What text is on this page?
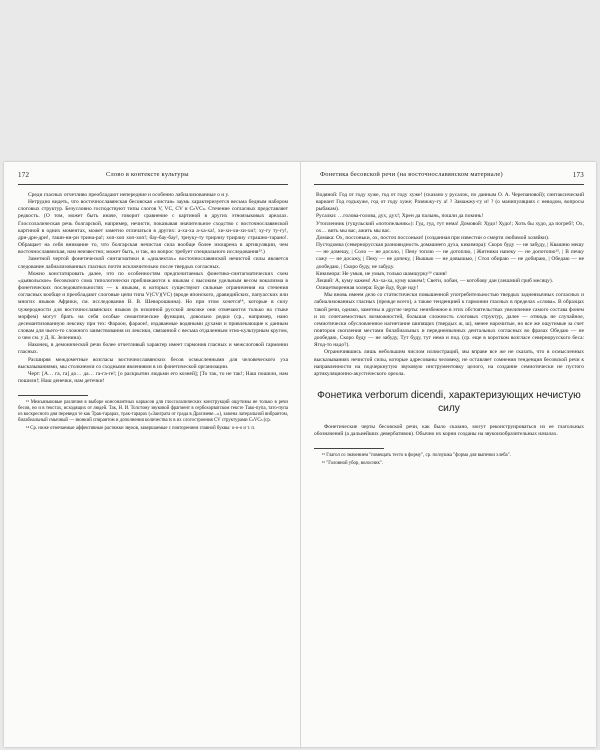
172	Слово в контексте культуры

Среди гласных отчетливо преобладают непередние и особенно лабиализованные о и у.

Нетрудно видеть, что восточнославянская бесовская «чистая» заумь характеризуется весьма бедным набором слоговых структур. Безусловно господствуют типы слогов V, VC, CV и CₙVCₙ. Стечение согласных представляет редкость. (О том, может быть иначе, говорит сравнение с картиной в других этноязыковых ареалах. Глоссолалическая речь болгарской, например, нечисти, показывая значительное сходство с восточнославянской картиной в одних моментах, может заметно отличаться в других: а-ха-ха а-ха-ха!, хи-хи-хи-хи-хи!; ху-гу ту-гу!, дрн-дрн-дрн!, ташн-ни-ри трина-ра!; хоп-хоп хоп-хоп!; бау-бау-бау!, трнуку-ту трирлиу трирлиу страшно-тарано!. Обращает на себя внимание то, что болгарская нечистая сила вообще более изощрена в артикуляции, чем восточнославянская, нам неизвестно; может быть, и так, но вопрос требует специального исследования¹³.)

Заметной чертой фонетической синтагматики в «диалектах» восточнославянской нечистой силы является следование лабиализованных гласных почти исключительно после твердых согласных.

Можно констатировать далее, что по особенностям предпочитаемых фонетико-синтагматических схем «дьявольское» бесовского сома типологически приближаются к языкам с высоким удельным весом вокализма в фонетических последовательностях — к языкам, в которых существуют сильные ограничения на стечения согласных вообще и преобладают слоговые цепи типа V(CV)(VC) (вроде японского, дравидийских, папуасских или многих языков Африки, см. исследования В. В. Шеворошкина). Но при этом хочется¹⁴, которые в силу чужеродности для восточнославянских языков (в исконной русской лексике они отмечаются только на стыке морфем) могут брать на себя особые семантические функции, довольно редки (ср., например, нано десемантизованную лексику при тех: Фараон, фараон!, издаваемые водяными духами и привлекающие к данным словам для чьего-то сложного заимствования из лексики, связанной с весьма отдаленным этно-культурным кругом, о чем см. у Д. К. Зеленина).

Наконец, в демонической речи более отчетливый характер имеет гармония гласных и межслоговой гармонии гласных.

Расширяя междометные возгласы восточнославянских бесов осмысленными для человеческого уха высказываниями, мы столкнемся со сходными явлениями в их фонетической организации.

Черт: [А… га, га] до… да… га-га-ге!; [о раскрытии людьми его козней]; [То так, то не так!; Наш пошили, нам пошили!; Наш денечки, нам детечки!

¹³ Межъязыковые различия в выборе консонантных каркасов для глоссолалических конструкций ощутимы не только в речи бесов, но и в текстах, исходящих от людей. Так, Н. И. Толстому звуковой фрагмент в сербохорватском тексте Тако-пупа, тато-пупа из воскресного дня переведи те как Трак-тарарах, трак-тарарах («Заиграта от града в Драгачеве...»), замена латеральной вибрантом, билабиальный смычный — звонкий спирантом и дополнения количества ts в их слогостроения CV структурами CₙVCₙ (ср.

¹⁴ Ср. ниже отмечаемые аффективные растяжки звуков, завершаемые с повторением главной буквы: о-о-о и т. п.

Фонетика бесовской речи (на восточнославянском материале)	173

Водяной: Год от году хуже, год от году хуже! (сказано у русалок, по данным О. А. Черепановой); синтаксический вариант Год годъкуже, год от году хуже; Разяжжу-гу а! ? Замажжу-гу и! ? (о манипуляциях с неводом, вопросы рыбакам).

Русалки: …голова-голова, дух, дух!; Хрен да палынь, пошли да покинь!

Утопленник (гуцульский «потопельник»): Гуд, гуд, тут нема! Домовой: Худо! Худо!; Хоть бы худо, да погреб!; Ох, ох… вить мы вас, ажить мы вас.

Домака: Ох, поссоньки, ох, посточ поссоньки! (созданная при известии о смерти любимой хозяйки).

Пустодомка (севернорусская разновидность домашнего духа, кикимора): Скоро буду — не забуду, | Квашню мешу — не домешу, | Соло — не досоло, | Пену топлю — не дотоплю, | Житники напеку — не допотопю¹⁵, | В печку сажу — не досажу, | Пеку — не допеку, | Вышью — не довышью, | Стол обираю — не добираю, | Обедаю — не дообедаю, | Скоро буду, не забуду.

Кикимора: Не умыв, не умыв, только шамшурку¹⁶ сшив!

Леший: А, куму кажем! Ах-ха-ха, куму кажем!; Свети, лобан, — котобову дан (лешачий гриб месяцу).

Олицетворенная холера: Буде йду, буде иду!

Мы вновь имеем дело со статистически повышенной употребительностью твердых заднеязычных согласных и лабиализованных гласных (прежде всего), а также тенденцией к гармонии гласных в пределах «слова». В образцах такой речи, однако, заметны и другие черты: неизбежное в этих обстоятельствах увеличение самого состава фонем и их сочетаемостных возможностей, большая сложность слоговых структур, далее — отнюдь не случайное, семиотически обусловленное нагнетание шипящих (твердых ж, ш), менее нарочитые, но все же ощутимые за счет повторов скопления местами билабиальных и переднеязычных дентальных согласных во фразах Обедаю — не дообедаю, Скоро буду — не забуду, Тут буду, тут нема и под. (ср. еще в коротком возгласе севернорусского беса: Ягод-то надо?).

Ограничившись лишь небольшим числом иллюстраций, мы вправе все же не сказать, что в осмысленных высказываниях нечистой силы, которые адресованы человеку, не оставляет сомнения тенденция бесовской речи к направленности на подчеркнутую звуковую инструментовку целого, на создание семиотически не пустого артикуляционно-акустического ореола.

Фонетика verborum dicendi, характеризующих нечистую силу

Фонетические черты бесовской речи, как было сказано, могут реконструироваться из ее глагольных обозначений (а дальнейших девербативов). Обычно их корни созданы на звукоизобразительных началах.

¹⁵ Глагол со значением "помещать тесто в форму", ср. ползушка "форма для выпечки хлеба".

¹⁶ "Головной убор, волосник".
